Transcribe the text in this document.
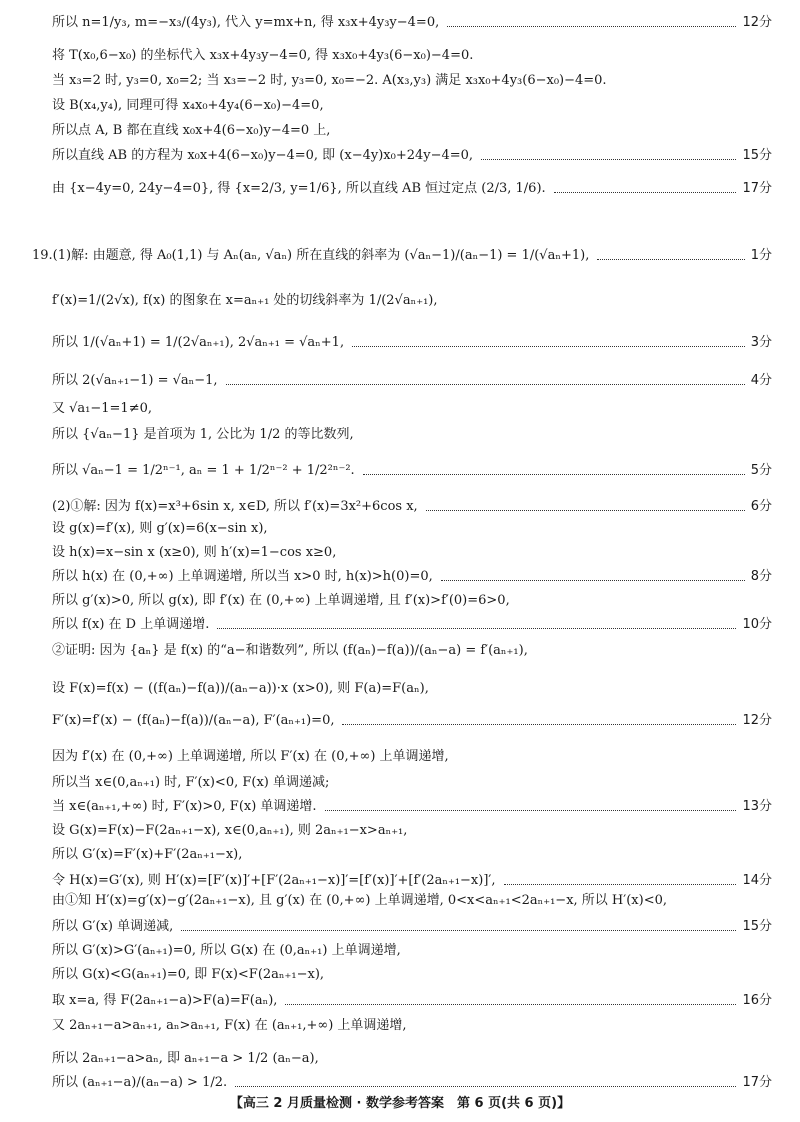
所以 n=1/y₃, m=−x₃/(4y₃), 代入 y=mx+n, 得 x₃x+4y₃y−4=0,	12分
将 T(x₀,6−x₀) 的坐标代入 x₃x+4y₃y−4=0, 得 x₃x₀+4y₃(6−x₀)−4=0.
当 x₃=2 时, y₃=0, x₀=2; 当 x₃=−2 时, y₃=0, x₀=−2. A(x₃,y₃) 满足 x₃x₀+4y₃(6−x₀)−4=0.
设 B(x₄,y₄), 同理可得 x₄x₀+4y₄(6−x₀)−4=0,
所以点 A, B 都在直线 x₀x+4(6−x₀)y−4=0 上,
所以直线 AB 的方程为 x₀x+4(6−x₀)y−4=0, 即 (x−4y)x₀+24y−4=0,	15分
由 {x−4y=0, 24y−4=0}, 得 {x=2/3, y=1/6}, 所以直线 AB 恒过定点 (2/3, 1/6).	17分
19.(1)解: 由题意, 得 A₀(1,1) 与 Aₙ(aₙ, √aₙ) 所在直线的斜率为 (√aₙ−1)/(aₙ−1) = 1/(√aₙ+1),	1分
f′(x)=1/(2√x), f(x) 的图象在 x=aₙ₊₁ 处的切线斜率为 1/(2√aₙ₊₁),
所以 1/(√aₙ+1) = 1/(2√aₙ₊₁), 2√aₙ₊₁ = √aₙ+1,	3分
所以 2(√aₙ₊₁−1) = √aₙ−1,	4分
又 √a₁−1=1≠0,
所以 {√aₙ−1} 是首项为 1, 公比为 1/2 的等比数列,
所以 √aₙ−1 = 1/2ⁿ⁻¹, aₙ = 1 + 1/2ⁿ⁻² + 1/2²ⁿ⁻².	5分
(2)①解: 因为 f(x)=x³+6sin x, x∈D, 所以 f′(x)=3x²+6cos x,	6分
设 g(x)=f′(x), 则 g′(x)=6(x−sin x),
设 h(x)=x−sin x (x≥0), 则 h′(x)=1−cos x≥0,
所以 h(x) 在 (0,+∞) 上单调递增, 所以当 x>0 时, h(x)>h(0)=0,	8分
所以 g′(x)>0, 所以 g(x), 即 f′(x) 在 (0,+∞) 上单调递增, 且 f′(x)>f′(0)=6>0,
所以 f(x) 在 D 上单调递增.	10分
②证明: 因为 {aₙ} 是 f(x) 的“a−和谐数列”, 所以 (f(aₙ)−f(a))/(aₙ−a) = f′(aₙ₊₁),
设 F(x)=f(x) − ((f(aₙ)−f(a))/(aₙ−a))·x (x>0), 则 F(a)=F(aₙ),
F′(x)=f′(x) − (f(aₙ)−f(a))/(aₙ−a), F′(aₙ₊₁)=0,	12分
因为 f′(x) 在 (0,+∞) 上单调递增, 所以 F′(x) 在 (0,+∞) 上单调递增,
所以当 x∈(0,aₙ₊₁) 时, F′(x)<0, F(x) 单调递减;
当 x∈(aₙ₊₁,+∞) 时, F′(x)>0, F(x) 单调递增.	13分
设 G(x)=F(x)−F(2aₙ₊₁−x), x∈(0,aₙ₊₁), 则 2aₙ₊₁−x>aₙ₊₁,
所以 G′(x)=F′(x)+F′(2aₙ₊₁−x),
令 H(x)=G′(x), 则 H′(x)=[F′(x)]′+[F′(2aₙ₊₁−x)]′=[f′(x)]′+[f′(2aₙ₊₁−x)]′,	14分
由①知 H′(x)=g′(x)−g′(2aₙ₊₁−x), 且 g′(x) 在 (0,+∞) 上单调递增, 0<x<aₙ₊₁<2aₙ₊₁−x, 所以 H′(x)<0,
所以 G′(x) 单调递减,	15分
所以 G′(x)>G′(aₙ₊₁)=0, 所以 G(x) 在 (0,aₙ₊₁) 上单调递增,
所以 G(x)<G(aₙ₊₁)=0, 即 F(x)<F(2aₙ₊₁−x),
取 x=a, 得 F(2aₙ₊₁−a)>F(a)=F(aₙ),	16分
又 2aₙ₊₁−a>aₙ₊₁, aₙ>aₙ₊₁, F(x) 在 (aₙ₊₁,+∞) 上单调递增,
所以 2aₙ₊₁−a>aₙ, 即 aₙ₊₁−a > 1/2 (aₙ−a),
所以 (aₙ₊₁−a)/(aₙ−a) > 1/2.	17分
【高三 2 月质量检测 · 数学参考答案　第 6 页(共 6 页)】
